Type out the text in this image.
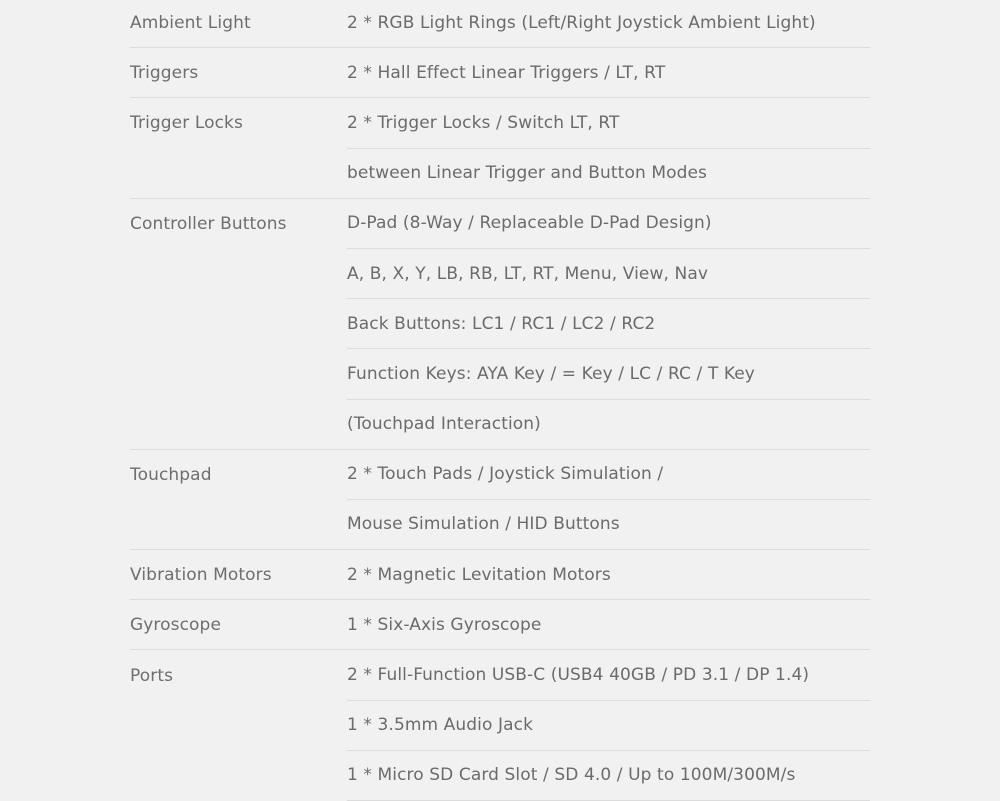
Ambient Light	2 * RGB Light Rings (Left/Right Joystick Ambient Light)
Triggers	2 * Hall Effect Linear Triggers / LT, RT
Trigger Locks	2 * Trigger Locks / Switch LT, RT
between Linear Trigger and Button Modes
Controller Buttons	D-Pad (8-Way / Replaceable D-Pad Design)
A, B, X, Y, LB, RB, LT, RT, Menu, View, Nav
Back Buttons: LC1 / RC1 / LC2 / RC2
Function Keys: AYA Key / = Key / LC / RC / T Key
(Touchpad Interaction)
Touchpad	2 * Touch Pads / Joystick Simulation /
Mouse Simulation / HID Buttons
Vibration Motors	2 * Magnetic Levitation Motors
Gyroscope	1 * Six-Axis Gyroscope
Ports	2 * Full-Function USB-C (USB4 40GB / PD 3.1 / DP 1.4)
1 * 3.5mm Audio Jack
1 * Micro SD Card Slot / SD 4.0 / Up to 100M/300M/s
